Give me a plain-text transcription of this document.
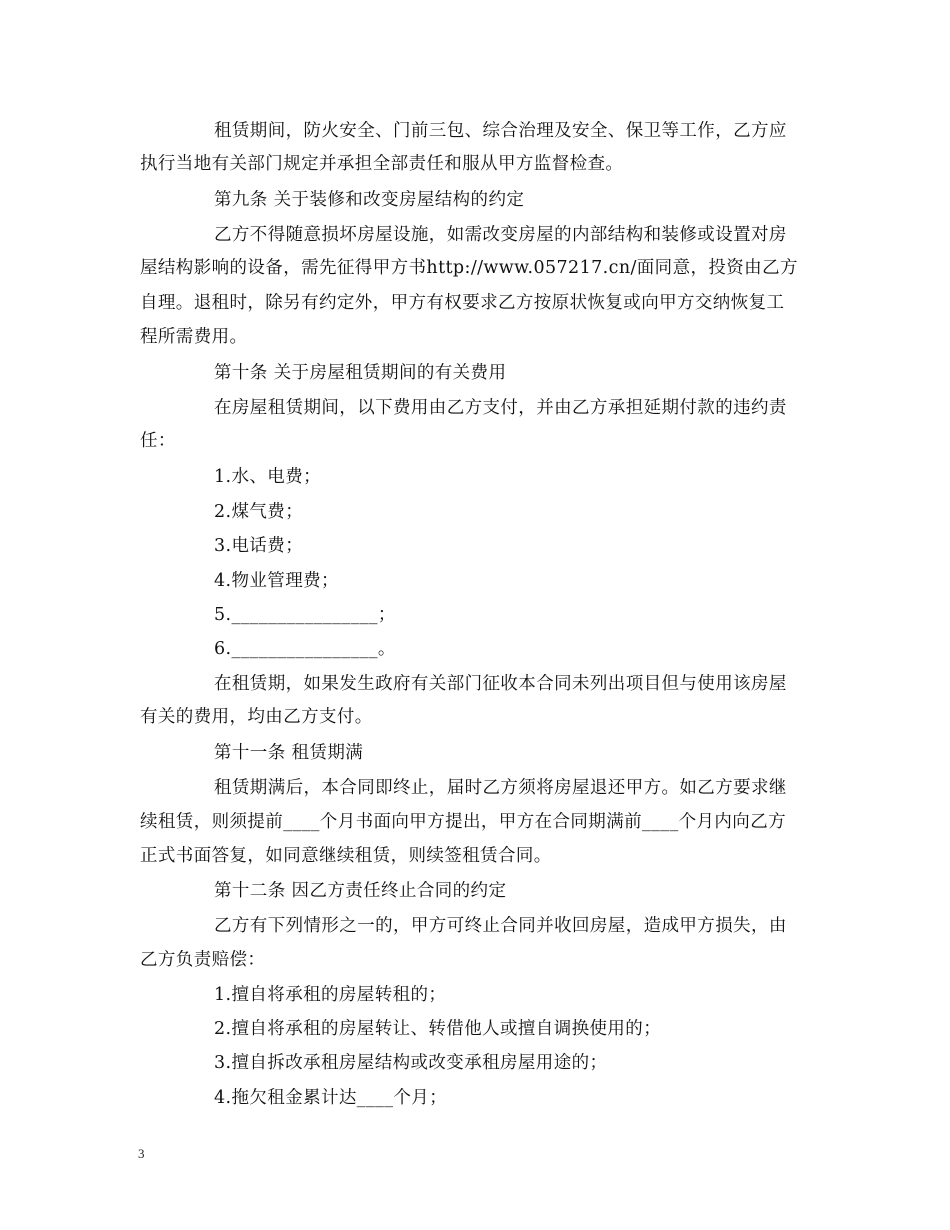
租赁期间，防火安全、门前三包、综合治理及安全、保卫等工作，乙方应
执行当地有关部门规定并承担全部责任和服从甲方监督检查。
第九条 关于装修和改变房屋结构的约定
乙方不得随意损坏房屋设施，如需改变房屋的内部结构和装修或设置对房
屋结构影响的设备，需先征得甲方书http://www.057217.cn/面同意，投资由乙方
自理。退租时，除另有约定外，甲方有权要求乙方按原状恢复或向甲方交纳恢复工
程所需费用。
第十条 关于房屋租赁期间的有关费用
在房屋租赁期间，以下费用由乙方支付，并由乙方承担延期付款的违约责
任：
1.水、电费；
2.煤气费；
3.电话费；
4.物业管理费；
5.________________；
6.________________。
在租赁期，如果发生政府有关部门征收本合同未列出项目但与使用该房屋
有关的费用，均由乙方支付。
第十一条 租赁期满
租赁期满后，本合同即终止，届时乙方须将房屋退还甲方。如乙方要求继
续租赁，则须提前____个月书面向甲方提出，甲方在合同期满前____个月内向乙方
正式书面答复，如同意继续租赁，则续签租赁合同。
第十二条 因乙方责任终止合同的约定
乙方有下列情形之一的，甲方可终止合同并收回房屋，造成甲方损失，由
乙方负责赔偿：
1.擅自将承租的房屋转租的；
2.擅自将承租的房屋转让、转借他人或擅自调换使用的；
3.擅自拆改承租房屋结构或改变承租房屋用途的；
4.拖欠租金累计达____个月；
3
